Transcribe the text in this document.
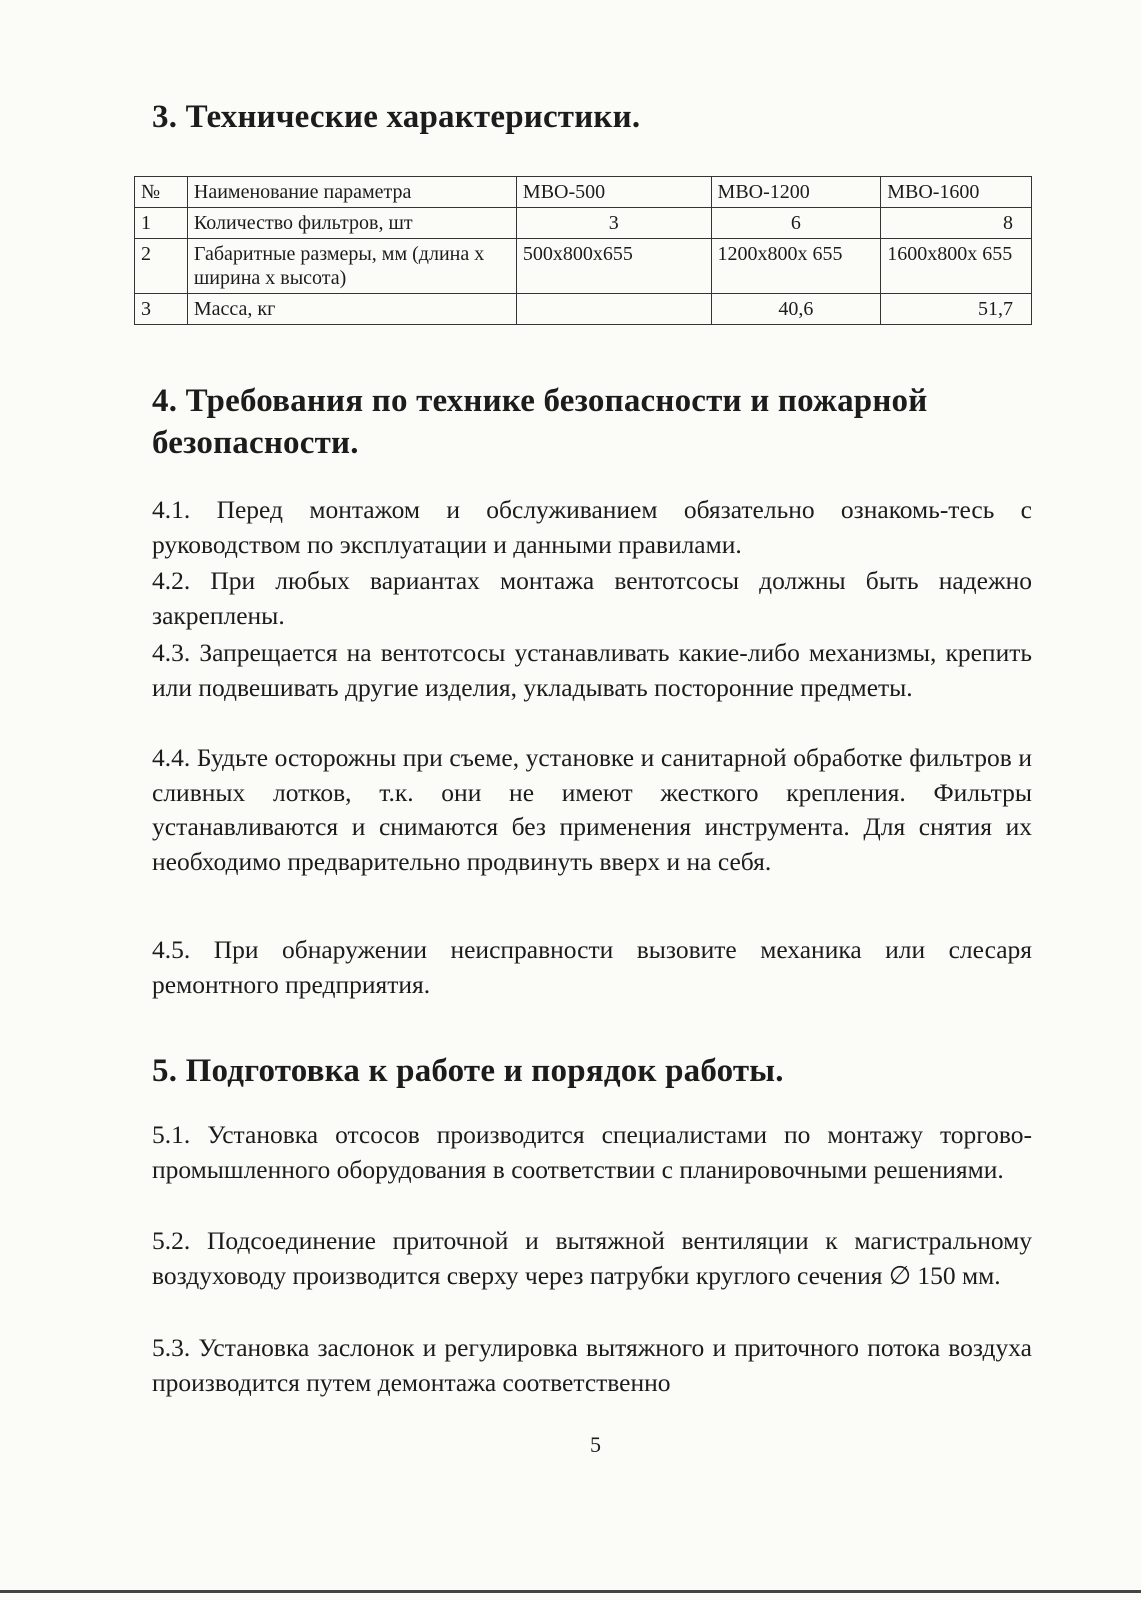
3. Технические характеристики.
№	Наименование параметра	МВО-500	МВО-1200	МВО-1600
1	Количество фильтров, шт	3	6	8
2	Габаритные размеры, мм (длина х ширина х высота)	500х800х655	1200х800х 655	1600х800х 655
3	Масса, кг		40,6	51,7
4. Требования по технике безопасности и пожарной безопасности.

4.1. Перед монтажом и обслуживанием обязательно ознакомь-тесь с руководством по эксплуатации и данными правилами.

4.2. При любых вариантах монтажа вентотсосы должны быть надежно закреплены.

4.3. Запрещается на вентотсосы устанавливать какие-либо механизмы, крепить или подвешивать другие изделия, укладывать посторонние предметы.

4.4. Будьте осторожны при съеме, установке и санитарной обработке фильтров и сливных лотков, т.к. они не имеют жесткого крепления. Фильтры устанавливаются и снимаются без применения инструмента. Для снятия их необходимо предварительно продвинуть вверх и на себя.

4.5. При обнаружении неисправности вызовите механика или слесаря ремонтного предприятия.

5. Подготовка к работе и порядок работы.

5.1. Установка отсосов производится специалистами по монтажу торгово-промышленного оборудования в соответствии с планировочными решениями.

5.2. Подсоединение приточной и вытяжной вентиляции к магистральному воздуховоду производится сверху через патрубки круглого сечения ∅ 150 мм.

5.3. Установка заслонок и регулировка вытяжного и приточного потока воздуха производится путем демонтажа соответственно

5
